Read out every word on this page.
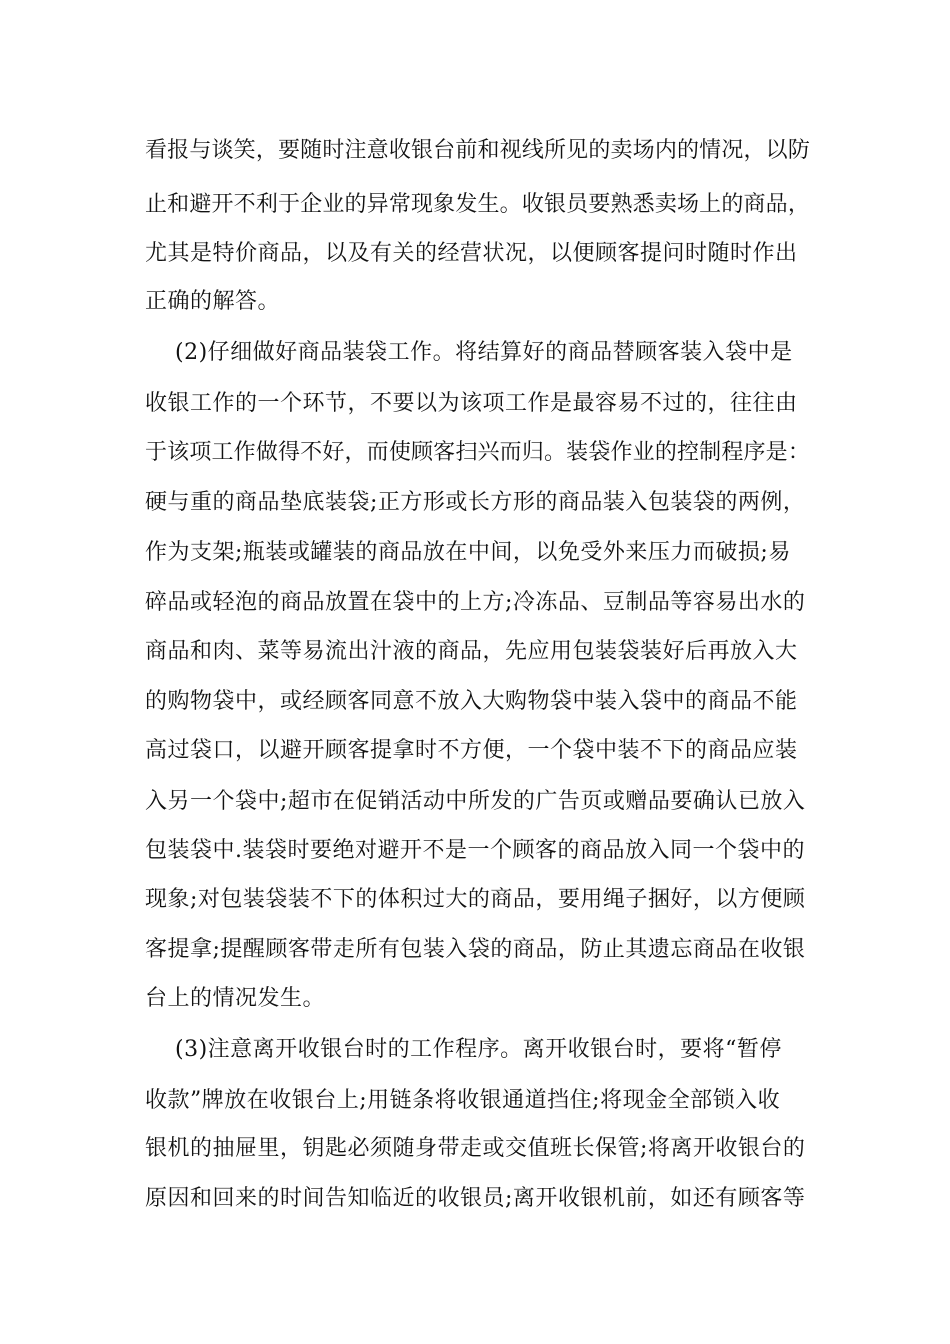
看报与谈笑，要随时注意收银台前和视线所见的卖场内的情况，以防
止和避开不利于企业的异常现象发生。收银员要熟悉卖场上的商品，
尤其是特价商品，以及有关的经营状况，以便顾客提问时随时作出
正确的解答。
(2)仔细做好商品装袋工作。将结算好的商品替顾客装入袋中是
收银工作的一个环节，不要以为该项工作是最容易不过的，往往由
于该项工作做得不好，而使顾客扫兴而归。装袋作业的控制程序是：
硬与重的商品垫底装袋;正方形或长方形的商品装入包装袋的两例，
作为支架;瓶装或罐装的商品放在中间，以免受外来压力而破损;易
碎品或轻泡的商品放置在袋中的上方;冷冻品、豆制品等容易出水的
商品和肉、菜等易流出汁液的商品，先应用包装袋装好后再放入大
的购物袋中，或经顾客同意不放入大购物袋中装入袋中的商品不能
高过袋口，以避开顾客提拿时不方便，一个袋中装不下的商品应装
入另一个袋中;超市在促销活动中所发的广告页或赠品要确认已放入
包装袋中.装袋时要绝对避开不是一个顾客的商品放入同一个袋中的
现象;对包装袋装不下的体积过大的商品，要用绳子捆好，以方便顾
客提拿;提醒顾客带走所有包装入袋的商品，防止其遗忘商品在收银
台上的情况发生。
(3)注意离开收银台时的工作程序。离开收银台时，要将“暂停
收款”牌放在收银台上;用链条将收银通道挡住;将现金全部锁入收
银机的抽屉里，钥匙必须随身带走或交值班长保管;将离开收银台的
原因和回来的时间告知临近的收银员;离开收银机前，如还有顾客等
